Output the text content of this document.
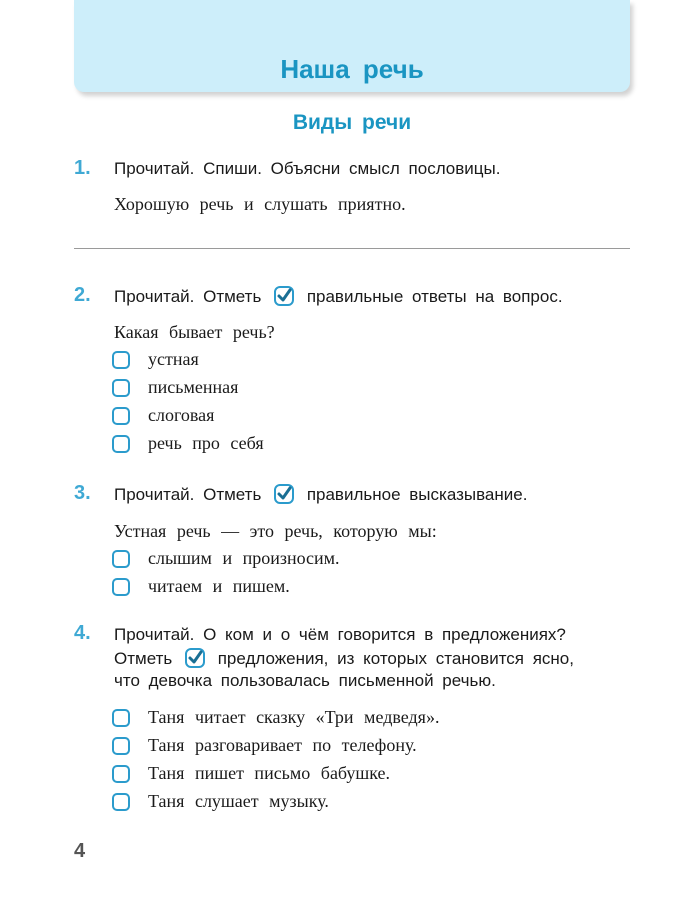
Наша речь
Виды речи
1. Прочитай. Спиши. Объясни смысл пословицы.
Хорошую речь и слушать приятно.
2. Прочитай. Отметь	правильные ответы на вопрос.
Какая бывает речь?
устная
письменная
слоговая
речь про себя
3. Прочитай. Отметь	правильное высказывание.
Устная речь — это речь, которую мы:
слышим и произносим.
читаем и пишем.
4. Прочитай. О ком и о чём говорится в предложениях?
Отметь	предложения, из которых становится ясно,
что девочка пользовалась письменной речью.
Таня читает сказку «Три медведя».
Таня разговаривает по телефону.
Таня пишет письмо бабушке.
Таня слушает музыку.
4
